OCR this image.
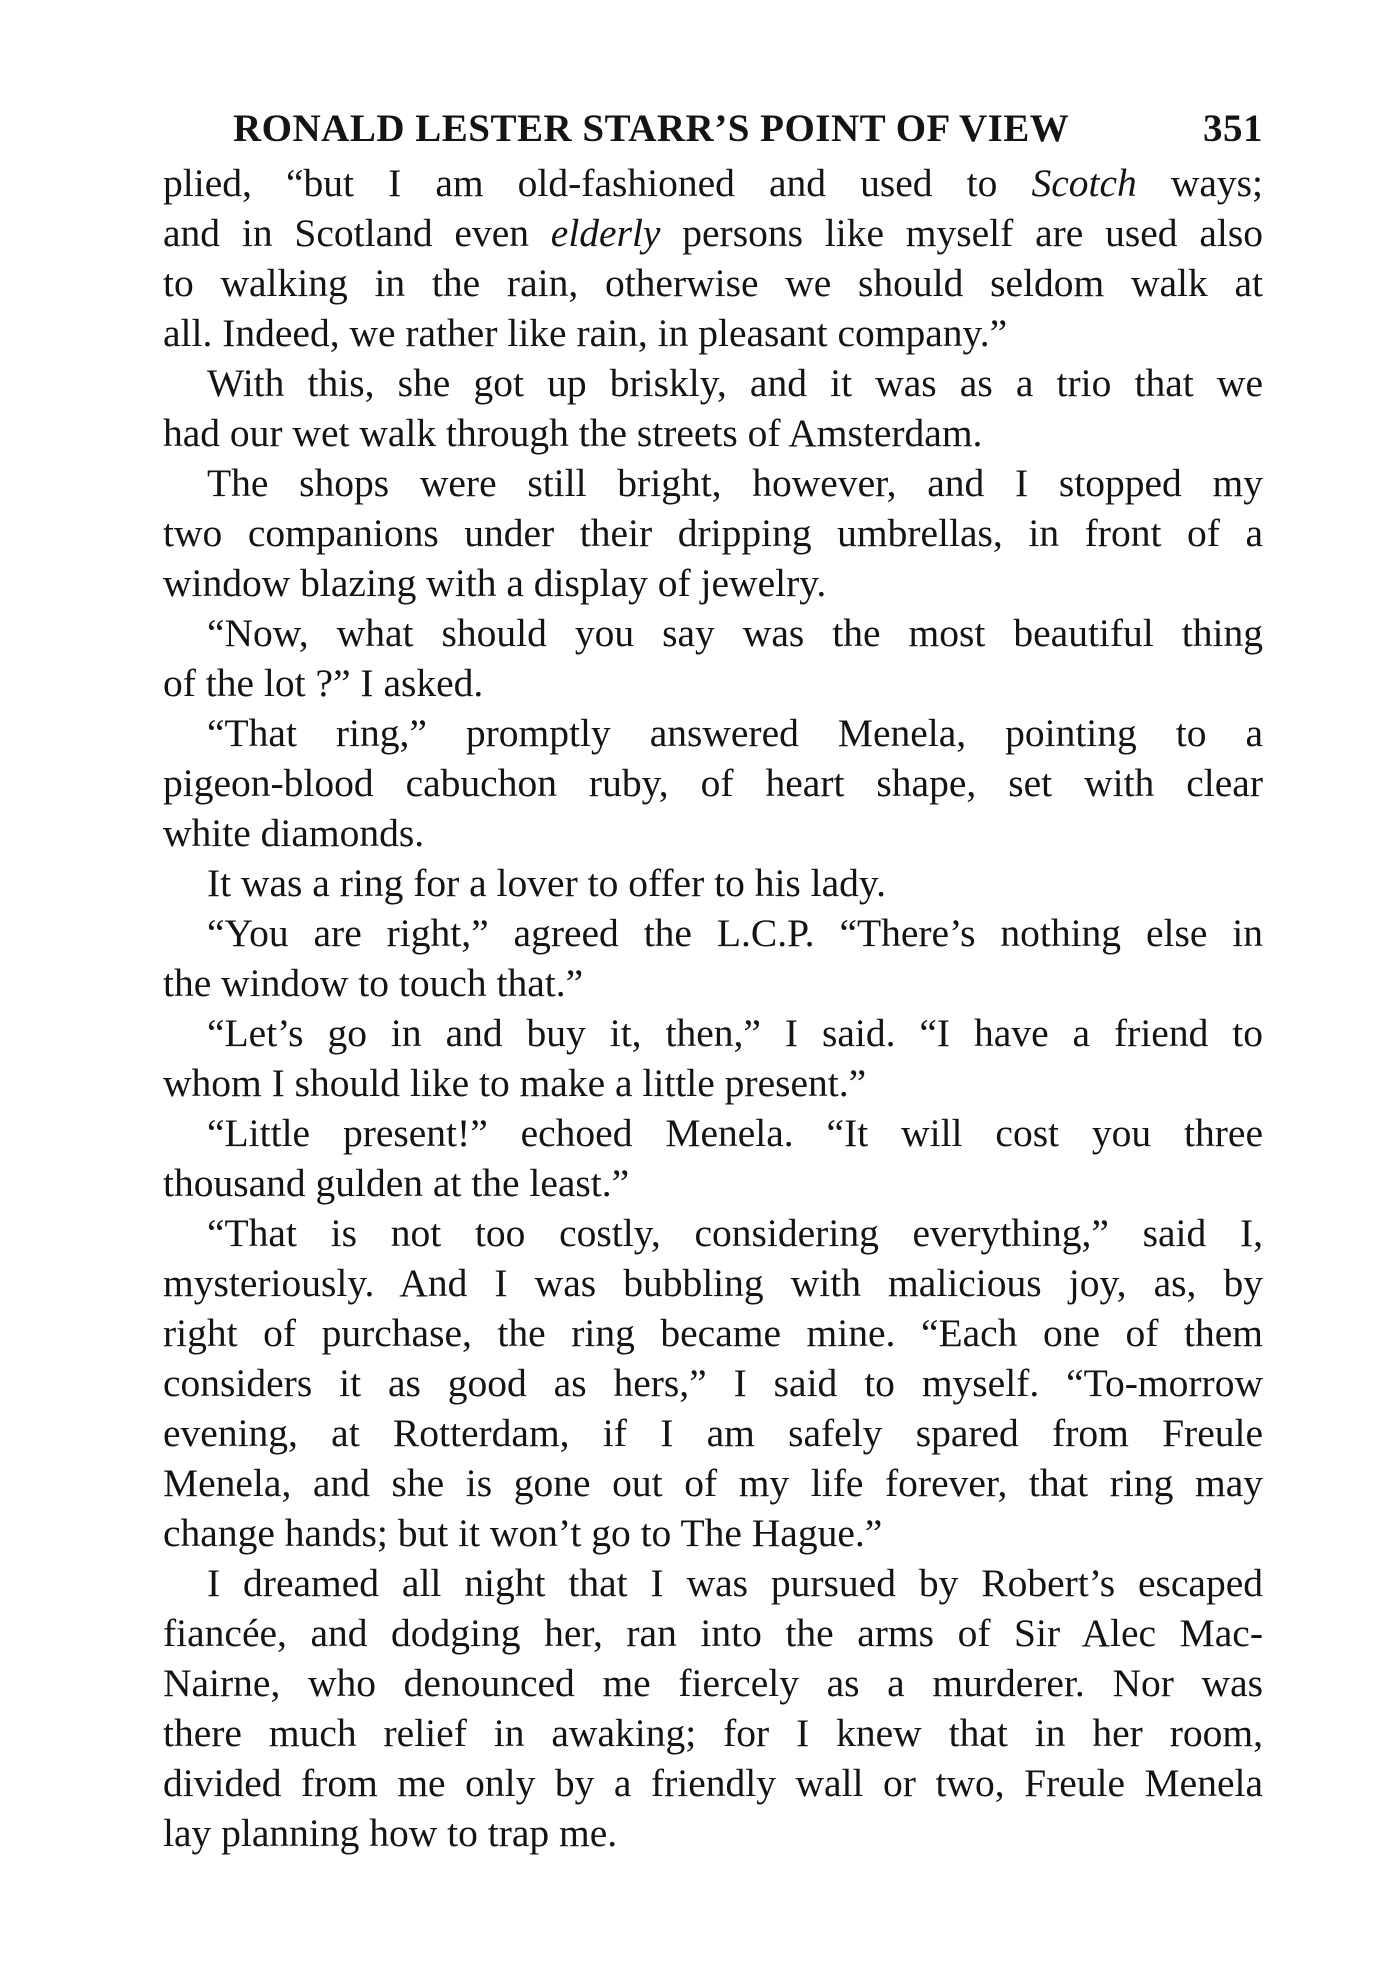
RONALD LESTER STARR’S POINT OF VIEW	351
plied, “but I am old-fashioned and used to Scotch ways;
and in Scotland even elderly persons like myself are used also
to walking in the rain, otherwise we should seldom walk at
all. Indeed, we rather like rain, in pleasant company.”
With this, she got up briskly, and it was as a trio that we
had our wet walk through the streets of Amsterdam.
The shops were still bright, however, and I stopped my
two companions under their dripping umbrellas, in front of a
window blazing with a display of jewelry.
“Now, what should you say was the most beautiful thing
of the lot ?” I asked.
“That ring,” promptly answered Menela, pointing to a
pigeon-blood cabuchon ruby, of heart shape, set with clear
white diamonds.
It was a ring for a lover to offer to his lady.
“You are right,” agreed the L.C.P. “There’s nothing else in
the window to touch that.”
“Let’s go in and buy it, then,” I said. “I have a friend to
whom I should like to make a little present.”
“Little present!” echoed Menela. “It will cost you three
thousand gulden at the least.”
“That is not too costly, considering everything,” said I,
mysteriously. And I was bubbling with malicious joy, as, by
right of purchase, the ring became mine. “Each one of them
considers it as good as hers,” I said to myself. “To-morrow
evening, at Rotterdam, if I am safely spared from Freule
Menela, and she is gone out of my life forever, that ring may
change hands; but it won’t go to The Hague.”
I dreamed all night that I was pursued by Robert’s escaped
fiancée, and dodging her, ran into the arms of Sir Alec Mac-
Nairne, who denounced me fiercely as a murderer. Nor was
there much relief in awaking; for I knew that in her room,
divided from me only by a friendly wall or two, Freule Menela
lay planning how to trap me.
